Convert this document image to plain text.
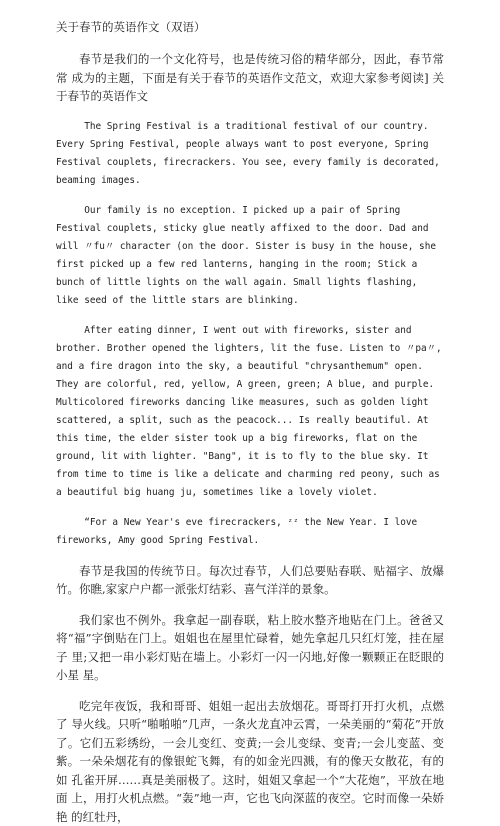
关于春节的英语作文（双语）

春节是我们的一个文化符号，也是传统习俗的精华部分，因此，春节常常 成为的主题，下面是有关于春节的英语作文范文，欢迎大家参考阅读] 关于春节的英语作文

The Spring Festival is a traditional festival of our country. Every Spring Festival, people always want to post everyone, Spring Festival couplets, firecrackers. You see, every family is decorated, beaming images.

Our family is no exception. I picked up a pair of Spring Festival couplets, sticky glue neatly affixed to the door. Dad and will 〃fu〃 character (on the door. Sister is busy in the house, she first picked up a few red lanterns, hanging in the room; Stick a bunch of little lights on the wall again. Small lights flashing, like seed of the little stars are blinking.

After eating dinner, I went out with fireworks, sister and brother. Brother opened the lighters, lit the fuse. Listen to 〃pa〃, and a fire dragon into the sky, a beautiful "chrysanthemum" open. They are colorful, red, yellow, A green, green; A blue, and purple. Multicolored fireworks dancing like measures, such as golden light scattered, a split, such as the peacock... Is really beautiful. At this time, the elder sister took up a big fireworks, flat on the ground, lit with lighter. "Bang", it is to fly to the blue sky. It from time to time is like a delicate and charming red peony, such as a beautiful big huang ju, sometimes like a lovely violet.

“For a New Year's eve firecrackers, ᶻᶻ the New Year. I love fireworks, Amy good Spring Festival.

春节是我国的传统节日。每次过春节，人们总要贴春联、贴福字、放爆 竹。你瞧,家家户户都一派张灯结彩、喜气洋洋的景象。

我们家也不例外。我拿起一副春联，粘上胶水整齐地贴在门上。爸爸又将“福”字倒贴在门上。姐姐也在屋里忙碌着，她先拿起几只红灯笼，挂在屋子 里;又把一串小彩灯贴在墙上。小彩灯一闪一闪地,好像一颗颗正在眨眼的小星 星。

吃完年夜饭，我和哥哥、姐姐一起出去放烟花。哥哥打开打火机，点燃了 导火线。只听“啪啪啪”几声，一条火龙直冲云霄，一朵美丽的“菊花”开放 了。它们五彩绣纷，一会儿变红、变黄;一会儿变绿、变青;一会儿变蓝、变 紫。一朵朵烟花有的像银蛇飞舞，有的如金光四溅，有的像天女散花，有的如 孔雀开屏……真是美丽极了。这时，姐姐又拿起一个“大花炮”，平放在地面 上，用打火机点燃。“轰”地一声，它也飞向深蓝的夜空。它时而像一朵娇艳 的红牡丹，
